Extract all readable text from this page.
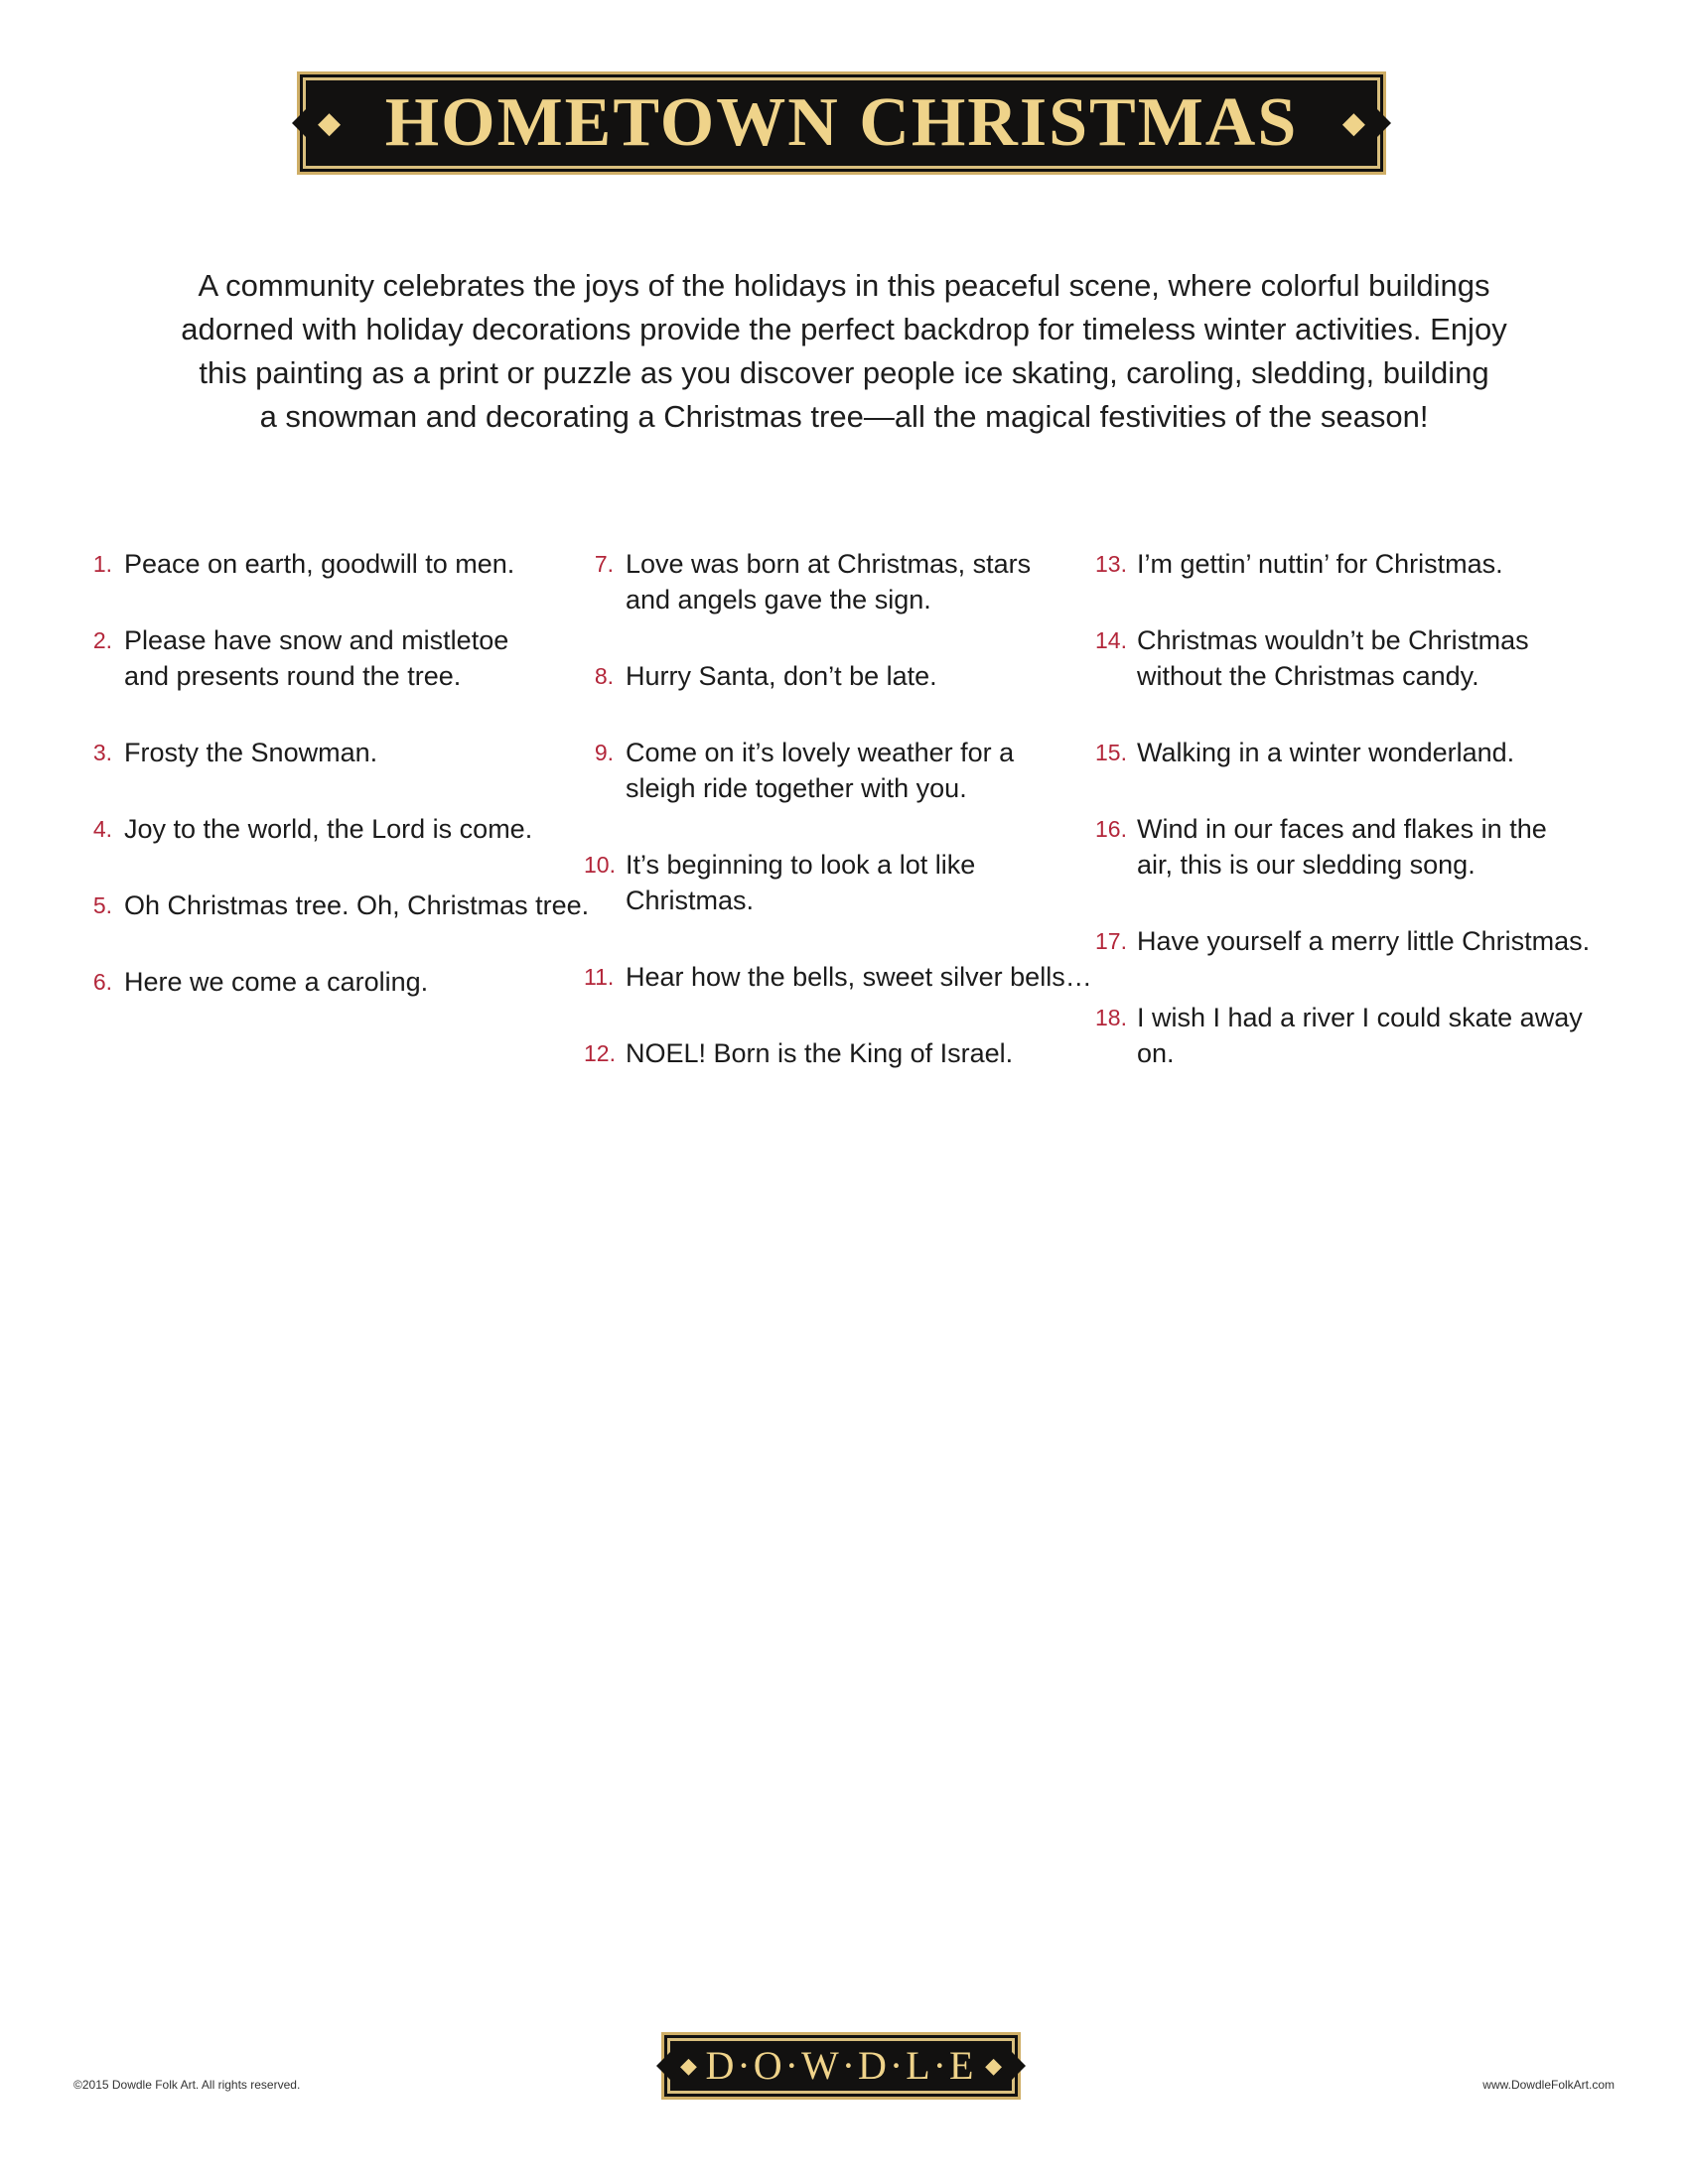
◆ HOMETOWN CHRISTMAS ◆

A community celebrates the joys of the holidays in this peaceful scene, where colorful buildings
adorned with holiday decorations provide the perfect backdrop for timeless winter activities. Enjoy
this painting as a print or puzzle as you discover people ice skating, caroling, sledding, building
a snowman and decorating a Christmas tree—all the magical festivities of the season!

1. Peace on earth, goodwill to men.
2. Please have snow and mistletoe
and presents round the tree.
3. Frosty the Snowman.
4. Joy to the world, the Lord is come.
5. Oh Christmas tree. Oh, Christmas tree.
6. Here we come a caroling.
7. Love was born at Christmas, stars
and angels gave the sign.
8. Hurry Santa, don’t be late.
9. Come on it’s lovely weather for a
sleigh ride together with you.
10. It’s beginning to look a lot like Christmas.
11. Hear how the bells, sweet silver bells…
12. NOEL! Born is the King of Israel.
13. I’m gettin’ nuttin’ for Christmas.
14. Christmas wouldn’t be Christmas
without the Christmas candy.
15. Walking in a winter wonderland.
16. Wind in our faces and flakes in the
air, this is our sledding song.
17. Have yourself a merry little Christmas.
18. I wish I had a river I could skate away on.
©2015 Dowdle Folk Art. All rights reserved.
◆ D·O·W·D·L·E ◆
www.DowdleFolkArt.com
